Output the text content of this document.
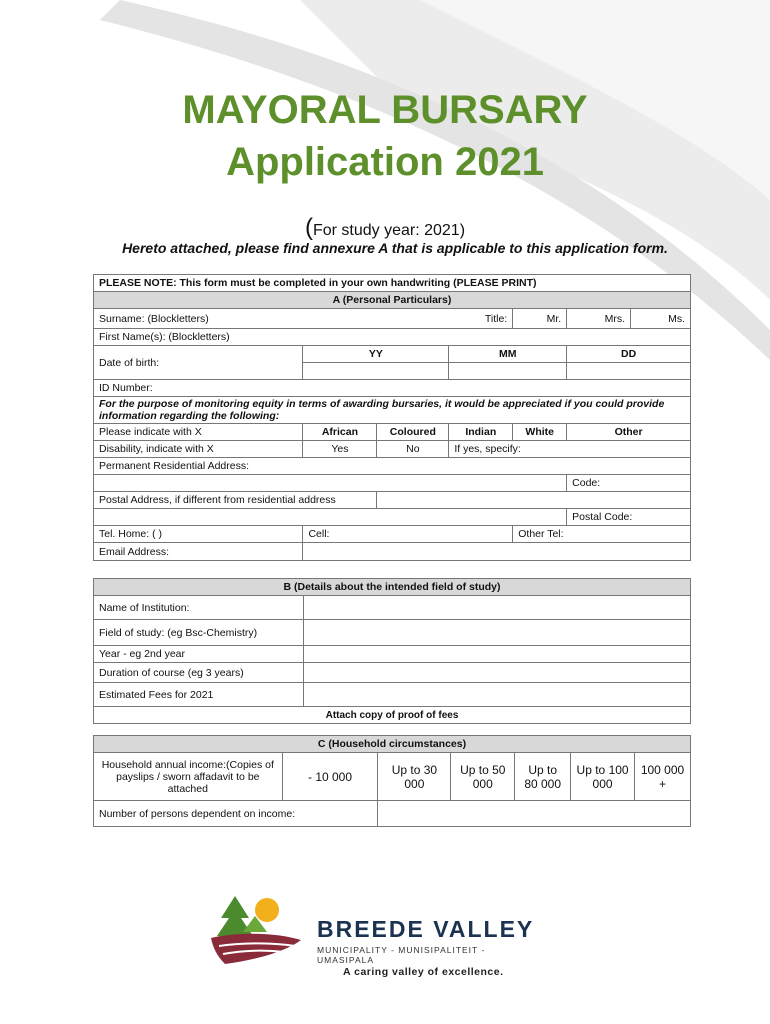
MAYORAL BURSARY
Application 2021
(For study year: 2021)
Hereto attached, please find annexure A that is applicable to this application form.
PLEASE NOTE: This form must be completed in your own handwriting (PLEASE PRINT)						
A (Personal Particulars)						
Surname: (Blockletters) Title:				Mr.	Mrs.	Ms.
First Name(s): (Blockletters)						
Date of birth:	YY		MM		DD	

ID Number:						
For the purpose of monitoring equity in terms of awarding bursaries, it would be appreciated if you could provide information regarding the following:						
Please indicate with X	African	Coloured	Indian	White	Other	
Disability, indicate with X	Yes	No	If yes, specify:			
Permanent Residential Address:						
					Code:	
Postal Address, if different from residential address						
					Postal Code:	
Tel. Home: ( )	Cell:			Other Tel:		
Email Address:						
B (Details about the intended field of study)	
Name of Institution:	
Field of study: (eg Bsc-Chemistry)	
Year - eg 2nd year	
Duration of course (eg 3 years)	
Estimated Fees for 2021	
Attach copy of proof of fees	
C (Household circumstances)						
Household annual income:(Copies of payslips / sworn affadavit to be attached	- 10 000	Up to 30 000	Up to 50 000	Up to 80 000	Up to 100 000	100 000 +
Number of persons dependent on income:						
BREEDE VALLEY
MUNICIPALITY - MUNISIPALITEIT - UMASIPALA
A caring valley of excellence.
